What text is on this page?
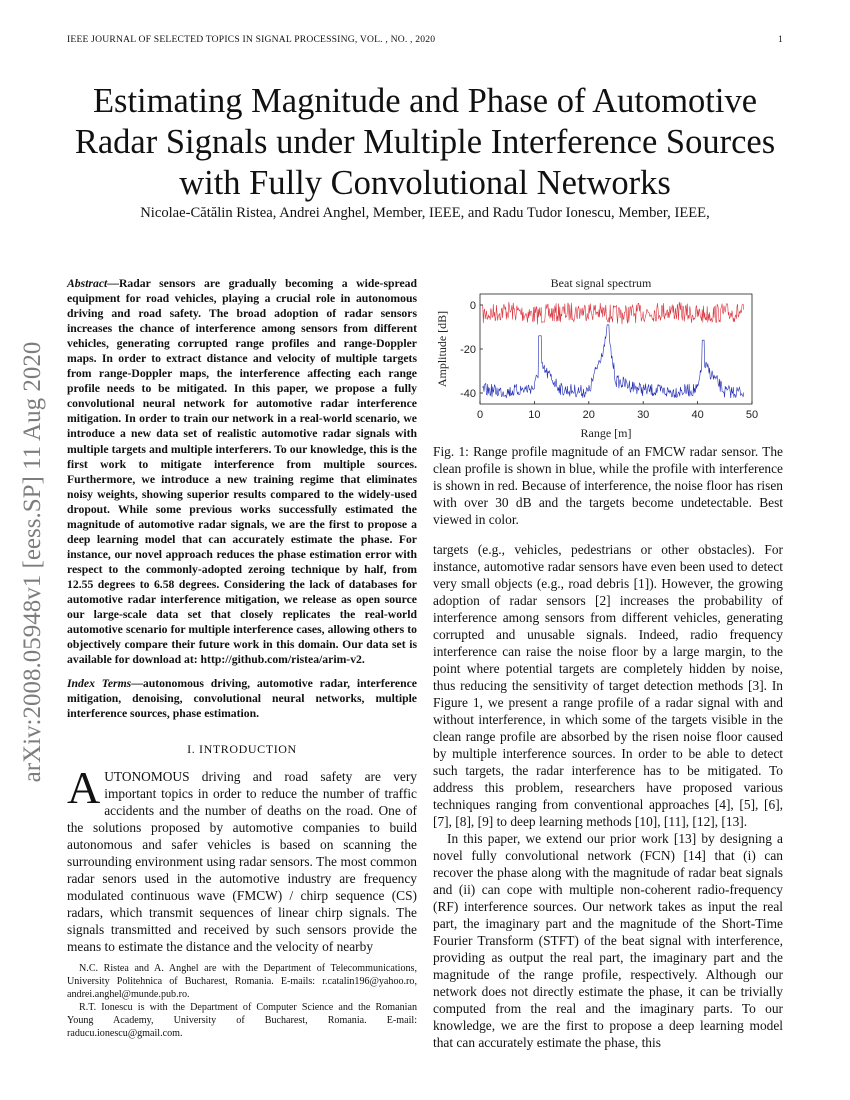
IEEE JOURNAL OF SELECTED TOPICS IN SIGNAL PROCESSING, VOL. , NO. , 2020	1
arXiv:2008.05948v1 [eess.SP] 11 Aug 2020
Estimating Magnitude and Phase of Automotive Radar Signals under Multiple Interference Sources with Fully Convolutional Networks
Nicolae-Cătălin Ristea, Andrei Anghel, Member, IEEE, and Radu Tudor Ionescu, Member, IEEE,
Abstract—Radar sensors are gradually becoming a wide-spread equipment for road vehicles, playing a crucial role in autonomous driving and road safety. The broad adoption of radar sensors increases the chance of interference among sensors from different vehicles, generating corrupted range profiles and range-Doppler maps. In order to extract distance and velocity of multiple targets from range-Doppler maps, the interference affecting each range profile needs to be mitigated. In this paper, we propose a fully convolutional neural network for automotive radar interference mitigation. In order to train our network in a real-world scenario, we introduce a new data set of realistic automotive radar signals with multiple targets and multiple interferers. To our knowledge, this is the first work to mitigate interference from multiple sources. Furthermore, we introduce a new training regime that eliminates noisy weights, showing superior results compared to the widely-used dropout. While some previous works successfully estimated the magnitude of automotive radar signals, we are the first to propose a deep learning model that can accurately estimate the phase. For instance, our novel approach reduces the phase estimation error with respect to the commonly-adopted zeroing technique by half, from 12.55 degrees to 6.58 degrees. Considering the lack of databases for automotive radar interference mitigation, we release as open source our large-scale data set that closely replicates the real-world automotive scenario for multiple interference cases, allowing others to objectively compare their future work in this domain. Our data set is available for download at: http://github.com/ristea/arim-v2.
Index Terms—autonomous driving, automotive radar, interference mitigation, denoising, convolutional neural networks, multiple interference sources, phase estimation.
I. INTRODUCTION
AUTONOMOUS driving and road safety are very important topics in order to reduce the number of traffic accidents and the number of deaths on the road. One of the solutions proposed by automotive companies to build autonomous and safer vehicles is based on scanning the surrounding environment using radar sensors. The most common radar senors used in the automotive industry are frequency modulated continuous wave (FMCW) / chirp sequence (CS) radars, which transmit sequences of linear chirp signals. The signals transmitted and received by such sensors provide the means to estimate the distance and the velocity of nearby

N.C. Ristea and A. Anghel are with the Department of Telecommunications, University Politehnica of Bucharest, Romania. E-mails: r.catalin196@yahoo.ro, andrei.anghel@munde.pub.ro.

R.T. Ionescu is with the Department of Computer Science and the Romanian Young Academy, University of Bucharest, Romania. E-mail: raducu.ionescu@gmail.com.

Beat signal spectrum
Amplitude [dB]
Range [m]
0	10	20	30	40	50
0
-20
-40
Fig. 1: Range profile magnitude of an FMCW radar sensor. The clean profile is shown in blue, while the profile with interference is shown in red. Because of interference, the noise floor has risen with over 30 dB and the targets become undetectable. Best viewed in color.

targets (e.g., vehicles, pedestrians or other obstacles). For instance, automotive radar sensors have even been used to detect very small objects (e.g., road debris [1]). However, the growing adoption of radar sensors [2] increases the probability of interference among sensors from different vehicles, generating corrupted and unusable signals. Indeed, radio frequency interference can raise the noise floor by a large margin, to the point where potential targets are completely hidden by noise, thus reducing the sensitivity of target detection methods [3]. In Figure 1, we present a range profile of a radar signal with and without interference, in which some of the targets visible in the clean range profile are absorbed by the risen noise floor caused by multiple interference sources. In order to be able to detect such targets, the radar interference has to be mitigated. To address this problem, researchers have proposed various techniques ranging from conventional approaches [4], [5], [6], [7], [8], [9] to deep learning methods [10], [11], [12], [13].

In this paper, we extend our prior work [13] by designing a novel fully convolutional network (FCN) [14] that (i) can recover the phase along with the magnitude of radar beat signals and (ii) can cope with multiple non-coherent radio-frequency (RF) interference sources. Our network takes as input the real part, the imaginary part and the magnitude of the Short-Time Fourier Transform (STFT) of the beat signal with interference, providing as output the real part, the imaginary part and the magnitude of the range profile, respectively. Although our network does not directly estimate the phase, it can be trivially computed from the real and the imaginary parts. To our knowledge, we are the first to propose a deep learning model that can accurately estimate the phase, this
